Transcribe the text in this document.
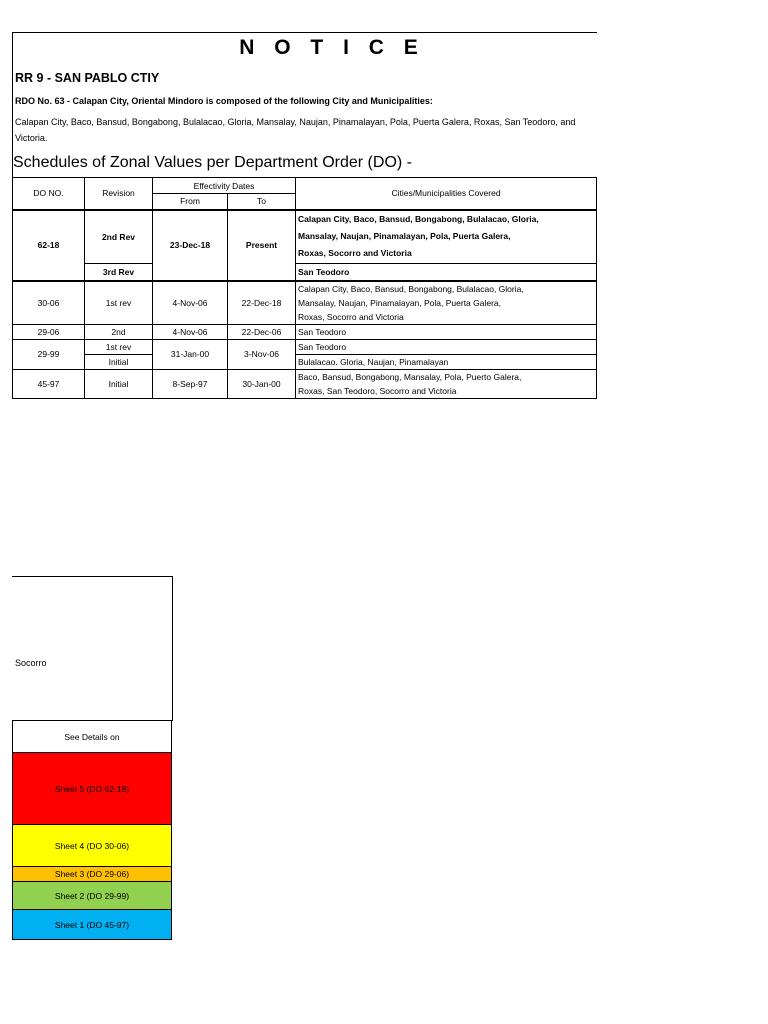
N O T I C E
RR 9 - SAN PABLO CTIY
RDO No. 63 - Calapan City, Oriental Mindoro is composed of the following City and Municipalities:
Calapan City, Baco, Bansud, Bongabong, Bulalacao, Gloria, Mansalay, Naujan, Pinamalayan, Pola, Puerta Galera, Roxas, San Teodoro, and Victoria.
Schedules of Zonal Values per Department Order (DO) -
DO NO.	Revision	Effectivity Dates		Cities/Municipalities Covered
		From	To	
62-18	2nd Rev	23-Dec-18	Present	Calapan City, Baco, Bansud, Bongabong, Bulalacao, Gloria,
Mansalay, Naujan, Pinamalayan, Pola, Puerta Galera,
Roxas, Socorro and Victoria

	3rd Rev			San Teodoro
30-06	1st rev	4-Nov-06	22-Dec-18	Calapan City, Baco, Bansud, Bongabong, Bulalacao, Gloria,
Mansalay, Naujan, Pinamalayan, Pola, Puerta Galera,
Roxas, Socorro and Victoria

29-06	2nd	4-Nov-06	22-Dec-06	San Teodoro
29-99	1st rev	31-Jan-00	3-Nov-06	San Teodoro
	Initial			Bulalacao. Gloria, Naujan, Pinamalayan
45-97	Initial	8-Sep-97	30-Jan-00	Baco, Bansud, Bongabong, Mansalay, Pola, Puerto Galera,
Roxas, San Teodoro, Socorro and Victoria
Socorro
See Details on
Sheet 5 (DO 62-18)
Sheet 4 (DO 30-06)
Sheet 3 (DO 29-06)
Sheet 2 (DO 29-99)
Sheet 1 (DO 45-97)
